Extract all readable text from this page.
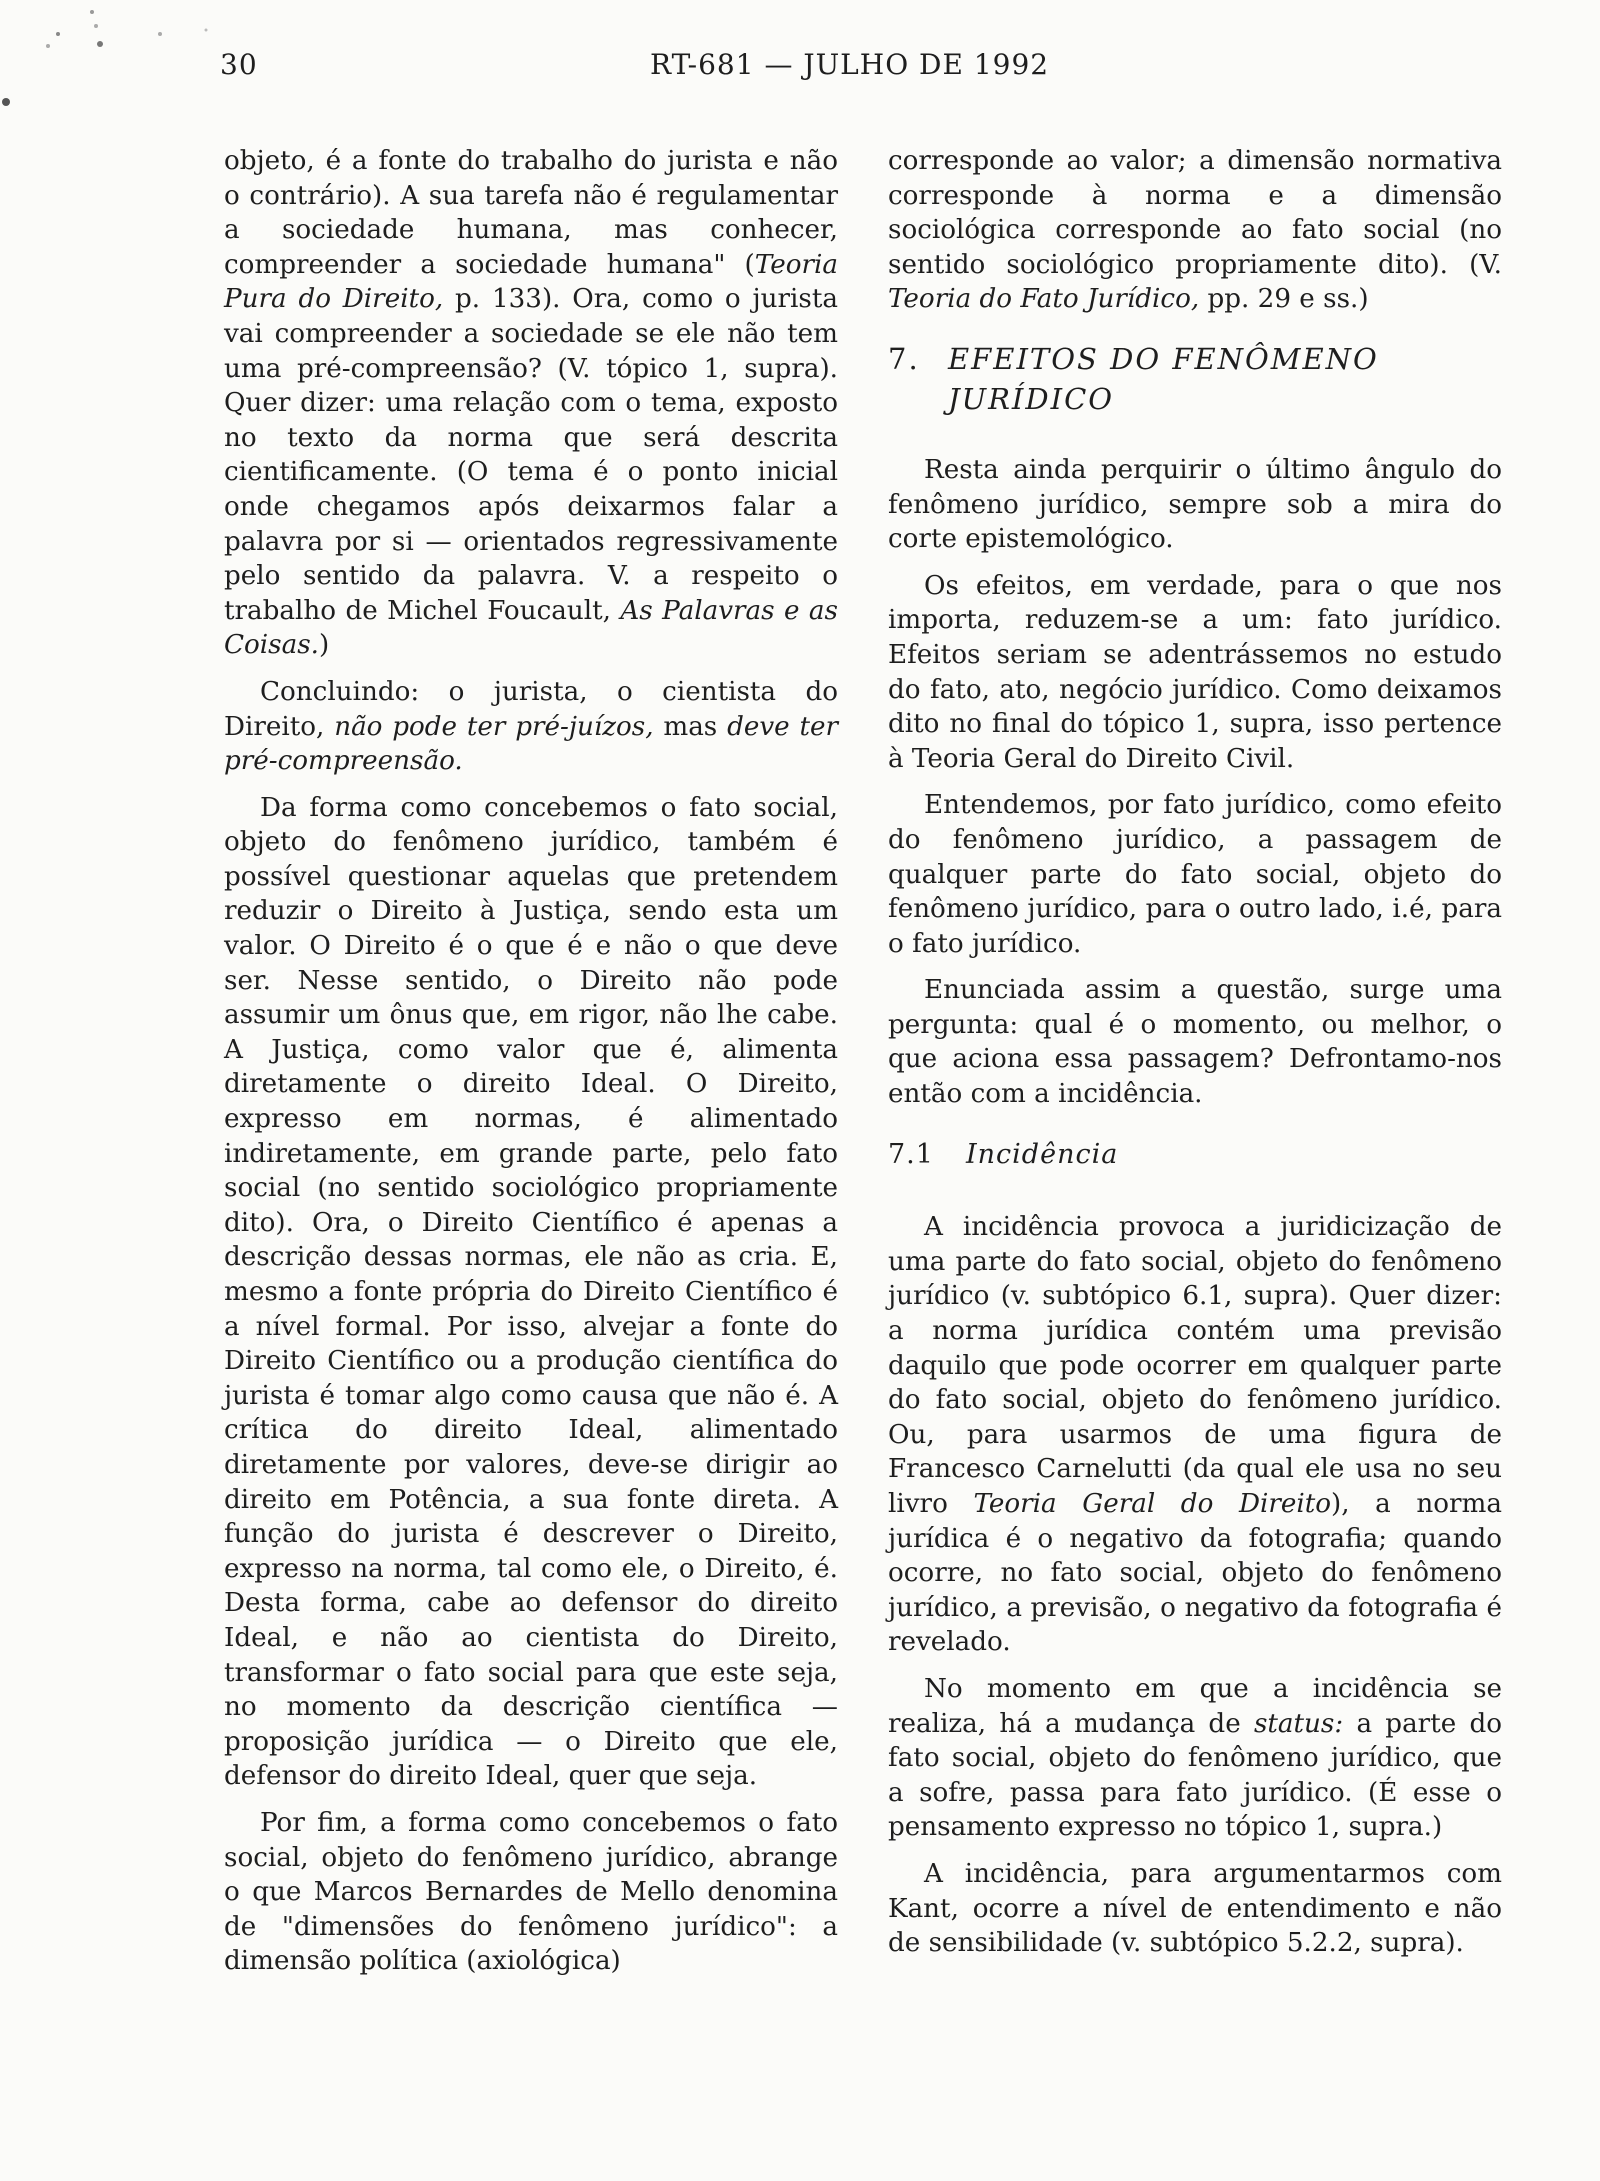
30	RT-681 — JULHO DE 1992

objeto, é a fonte do trabalho do jurista e não o contrário). A sua tarefa não é regulamentar a sociedade humana, mas conhecer, compreender a sociedade humana" (Teoria Pura do Direito, p. 133). Ora, como o jurista vai compreender a sociedade se ele não tem uma pré-compreensão? (V. tópico 1, supra). Quer dizer: uma relação com o tema, exposto no texto da norma que será descrita cientificamente. (O tema é o ponto inicial onde chegamos após deixarmos falar a palavra por si — orientados regressivamente pelo sentido da palavra. V. a respeito o trabalho de Michel Foucault, As Palavras e as Coisas.)

Concluindo: o jurista, o cientista do Direito, não pode ter pré-juízos, mas deve ter pré-compreensão.

Da forma como concebemos o fato social, objeto do fenômeno jurídico, também é possível questionar aquelas que pretendem reduzir o Direito à Justiça, sendo esta um valor. O Direito é o que é e não o que deve ser. Nesse sentido, o Direito não pode assumir um ônus que, em rigor, não lhe cabe. A Justiça, como valor que é, alimenta diretamente o direito Ideal. O Direito, expresso em normas, é alimentado indiretamente, em grande parte, pelo fato social (no sentido sociológico propriamente dito). Ora, o Direito Científico é apenas a descrição dessas normas, ele não as cria. E, mesmo a fonte própria do Direito Científico é a nível formal. Por isso, alvejar a fonte do Direito Científico ou a produção científica do jurista é tomar algo como causa que não é. A crítica do direito Ideal, alimentado diretamente por valores, deve-se dirigir ao direito em Potência, a sua fonte direta. A função do jurista é descrever o Direito, expresso na norma, tal como ele, o Direito, é. Desta forma, cabe ao defensor do direito Ideal, e não ao cientista do Direito, transformar o fato social para que este seja, no momento da descrição científica — proposição jurídica — o Direito que ele, defensor do direito Ideal, quer que seja.

Por fim, a forma como concebemos o fato social, objeto do fenômeno jurídico, abrange o que Marcos Bernardes de Mello denomina de "dimensões do fenômeno jurídico": a dimensão política (axiológica)

corresponde ao valor; a dimensão normativa corresponde à norma e a dimensão sociológica corresponde ao fato social (no sentido sociológico propriamente dito). (V. Teoria do Fato Jurídico, pp. 29 e ss.)

7. EFEITOS DO FENÔMENO
JURÍDICO

Resta ainda perquirir o último ângulo do fenômeno jurídico, sempre sob a mira do corte epistemológico.

Os efeitos, em verdade, para o que nos importa, reduzem-se a um: fato jurídico. Efeitos seriam se adentrássemos no estudo do fato, ato, negócio jurídico. Como deixamos dito no final do tópico 1, supra, isso pertence à Teoria Geral do Direito Civil.

Entendemos, por fato jurídico, como efeito do fenômeno jurídico, a passagem de qualquer parte do fato social, objeto do fenômeno jurídico, para o outro lado, i.é, para o fato jurídico.

Enunciada assim a questão, surge uma pergunta: qual é o momento, ou melhor, o que aciona essa passagem? Defrontamo-nos então com a incidência.

7.1 Incidência

A incidência provoca a juridicização de uma parte do fato social, objeto do fenômeno jurídico (v. subtópico 6.1, supra). Quer dizer: a norma jurídica contém uma previsão daquilo que pode ocorrer em qualquer parte do fato social, objeto do fenômeno jurídico. Ou, para usarmos de uma figura de Francesco Carnelutti (da qual ele usa no seu livro Teoria Geral do Direito), a norma jurídica é o negativo da fotografia; quando ocorre, no fato social, objeto do fenômeno jurídico, a previsão, o negativo da fotografia é revelado.

No momento em que a incidência se realiza, há a mudança de status: a parte do fato social, objeto do fenômeno jurídico, que a sofre, passa para fato jurídico. (É esse o pensamento expresso no tópico 1, supra.)

A incidência, para argumentarmos com Kant, ocorre a nível de entendimento e não de sensibilidade (v. subtópico 5.2.2, supra).
